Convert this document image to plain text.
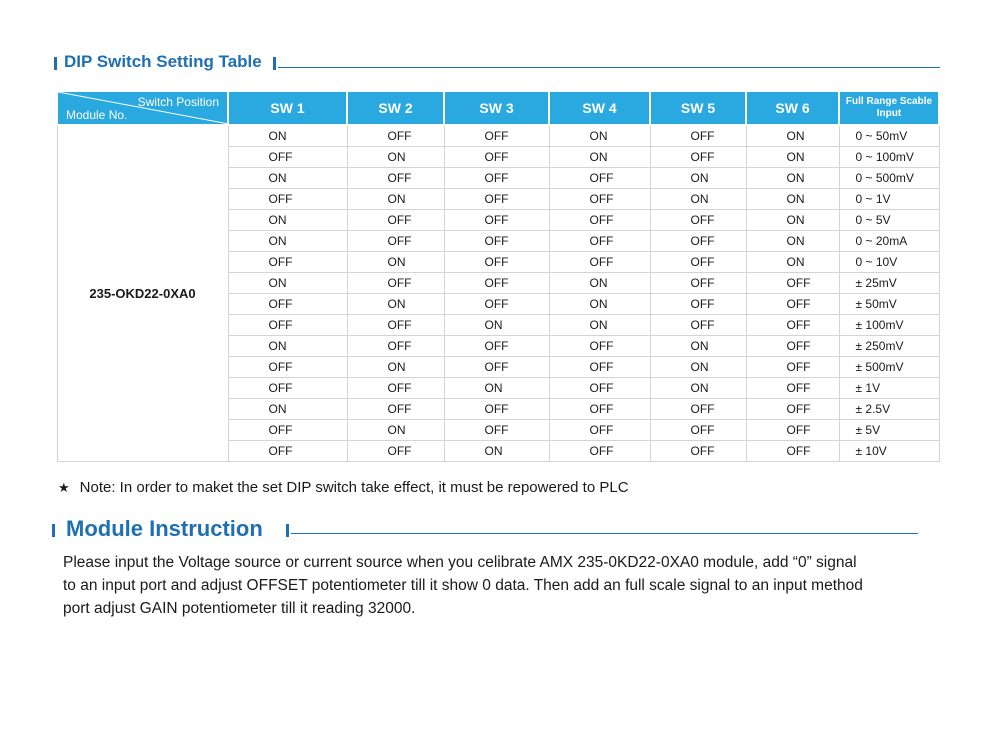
DIP Switch Setting Table
Switch Position
Module No.	SW 1	SW 2	SW 3	SW 4	SW 5	SW 6	Full Range Scable Input
235-OKD22-0XA0	ON	OFF	OFF	ON	OFF	ON	0 ~ 50mV
	OFF	ON	OFF	ON	OFF	ON	0 ~ 100mV
	ON	OFF	OFF	OFF	ON	ON	0 ~ 500mV
	OFF	ON	OFF	OFF	ON	ON	0 ~ 1V
	ON	OFF	OFF	OFF	OFF	ON	0 ~ 5V
	ON	OFF	OFF	OFF	OFF	ON	0 ~ 20mA
	OFF	ON	OFF	OFF	OFF	ON	0 ~ 10V
	ON	OFF	OFF	ON	OFF	OFF	± 25mV
	OFF	ON	OFF	ON	OFF	OFF	± 50mV
	OFF	OFF	ON	ON	OFF	OFF	± 100mV
	ON	OFF	OFF	OFF	ON	OFF	± 250mV
	OFF	ON	OFF	OFF	ON	OFF	± 500mV
	OFF	OFF	ON	OFF	ON	OFF	± 1V
	ON	OFF	OFF	OFF	OFF	OFF	± 2.5V
	OFF	ON	OFF	OFF	OFF	OFF	± 5V
	OFF	OFF	ON	OFF	OFF	OFF	± 10V
★ Note: In order to maket the set DIP switch take effect, it must be repowered to PLC
Module Instruction

Please input the Voltage source or current source when you celibrate AMX 235-0KD22-0XA0 module, add “0” signal

to an input port and adjust OFFSET potentiometer till it show 0 data. Then add an full scale signal to an input method

port adjust GAIN potentiometer till it reading 32000.
